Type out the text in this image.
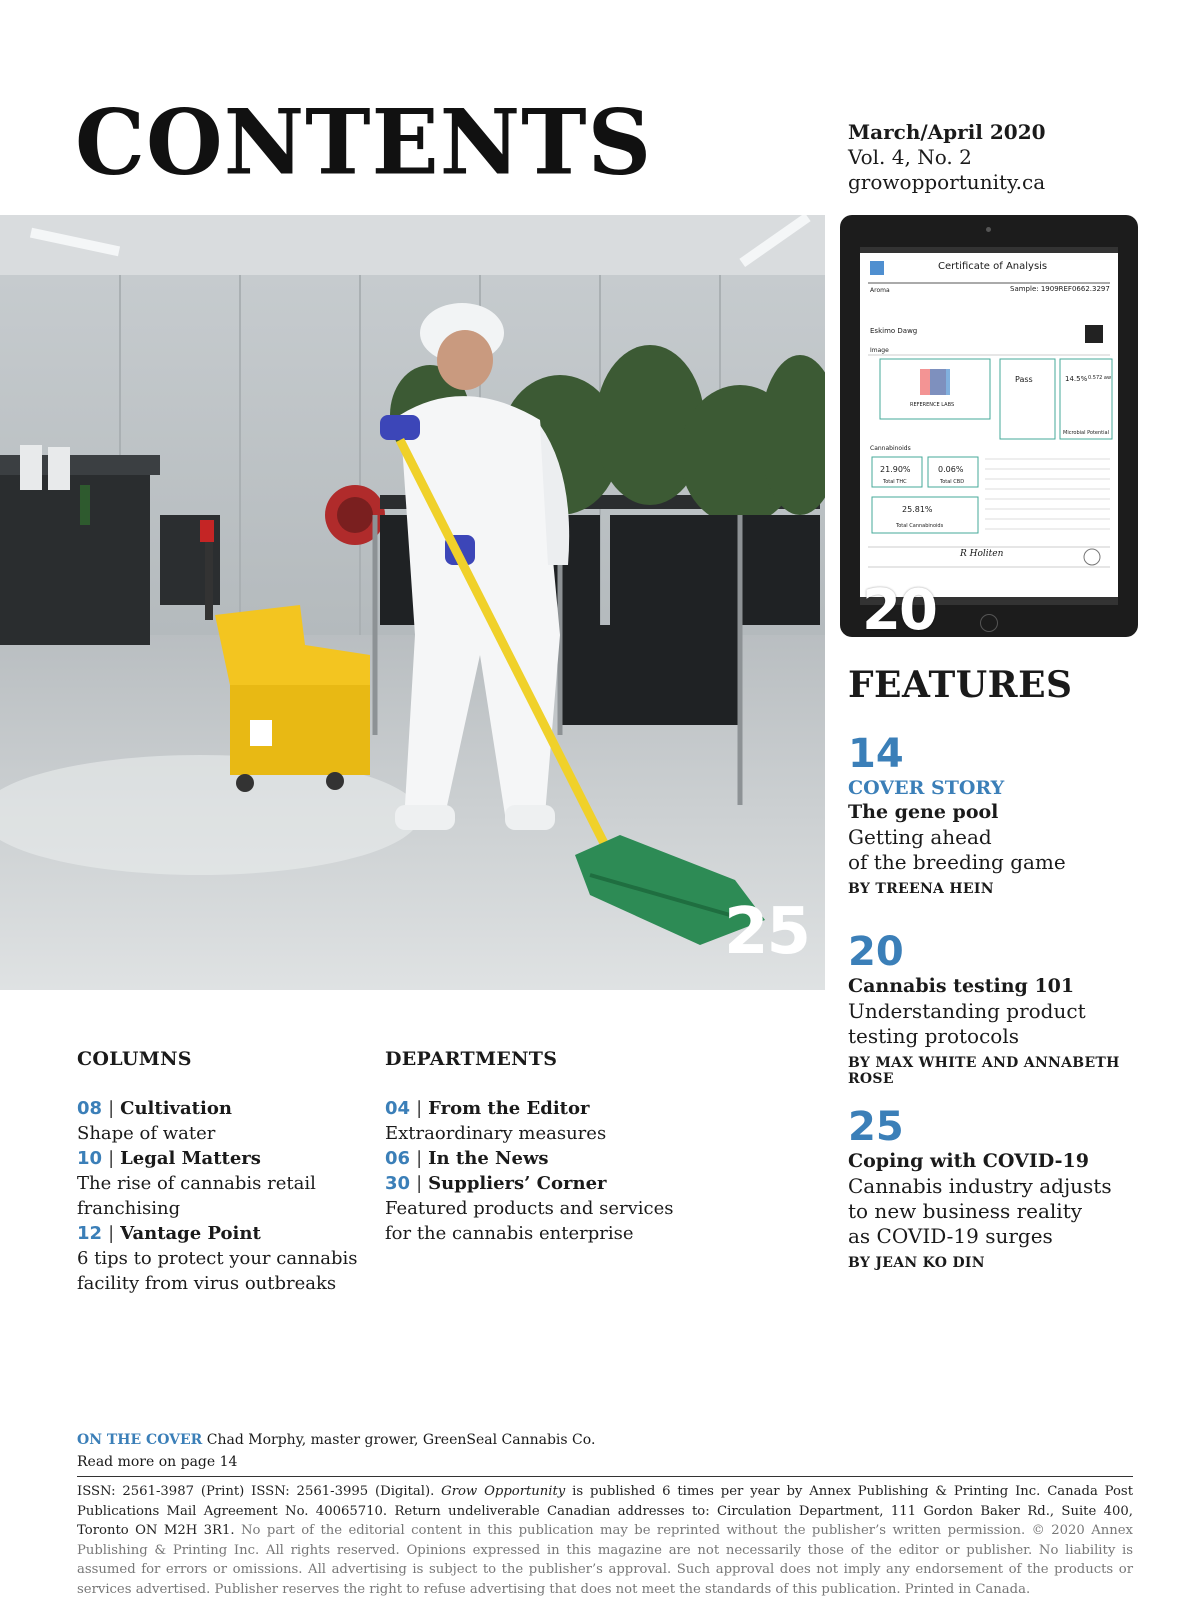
CONTENTS	March/April 2020
Vol. 4, No. 2
growopportunity.ca
25
Certificate of Analysis
Sample: 1909REF0662.3297
Aroma
Eskimo Dawg
Image
REFERENCE LABS
Pass	14.5% 0.572 aw
Microbial Potential
Cannabinoids
21.90%
Total THC
0.06%
Total CBD
25.81%
Total Cannabinoids
R Holiten
20
FEATURES
14
COVER STORY
The gene pool
Getting ahead
of the breeding game
BY TREENA HEIN
20
Cannabis testing 101
Understanding product
testing protocols
BY MAX WHITE AND ANNABETH ROSE
25
Coping with COVID-19
Cannabis industry adjusts
to new business reality
as COVID-19 surges
BY JEAN KO DIN
COLUMNS
08 | Cultivation
Shape of water
10 | Legal Matters
The rise of cannabis retail
franchising
12 | Vantage Point
6 tips to protect your cannabis
facility from virus outbreaks
DEPARTMENTS
04 | From the Editor
Extraordinary measures
06 | In the News
30 | Suppliers’ Corner
Featured products and services
for the cannabis enterprise
ON THE COVER Chad Morphy, master grower, GreenSeal Cannabis Co.
Read more on page 14
ISSN: 2561-3987 (Print) ISSN: 2561-3995 (Digital). Grow Opportunity is published 6 times per year by Annex Publishing & Printing Inc. Canada Post Publications Mail Agreement No. 40065710. Return undeliverable Canadian addresses to: Circulation Department, 111 Gordon Baker Rd., Suite 400, Toronto ON M2H 3R1. No part of the editorial content in this publication may be reprinted without the publisher’s written permission. © 2020 Annex Publishing & Printing Inc. All rights reserved. Opinions expressed in this magazine are not necessarily those of the editor or publisher. No liability is assumed for errors or omissions. All advertising is subject to the publisher’s approval. Such approval does not imply any endorsement of the products or services advertised. Publisher reserves the right to refuse advertising that does not meet the standards of this publication. Printed in Canada.
